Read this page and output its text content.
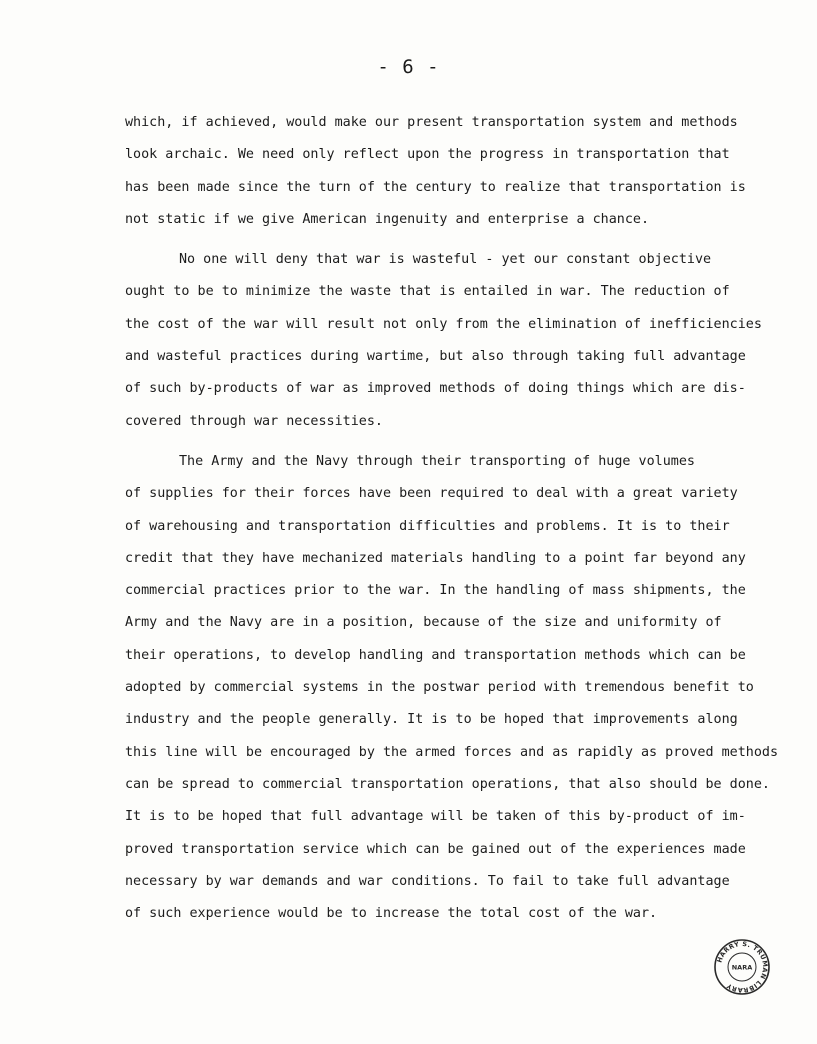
- 6 -
which, if achieved, would make our present transportation system and methods
look archaic. We need only reflect upon the progress in transportation that
has been made since the turn of the century to realize that transportation is
not static if we give American ingenuity and enterprise a chance.
No one will deny that war is wasteful - yet our constant objective
ought to be to minimize the waste that is entailed in war. The reduction of
the cost of the war will result not only from the elimination of inefficiencies
and wasteful practices during wartime, but also through taking full advantage
of such by-products of war as improved methods of doing things which are dis-
covered through war necessities.
The Army and the Navy through their transporting of huge volumes
of supplies for their forces have been required to deal with a great variety
of warehousing and transportation difficulties and problems. It is to their
credit that they have mechanized materials handling to a point far beyond any
commercial practices prior to the war. In the handling of mass shipments, the
Army and the Navy are in a position, because of the size and uniformity of
their operations, to develop handling and transportation methods which can be
adopted by commercial systems in the postwar period with tremendous benefit to
industry and the people generally. It is to be hoped that improvements along
this line will be encouraged by the armed forces and as rapidly as proved methods
can be spread to commercial transportation operations, that also should be done.
It is to be hoped that full advantage will be taken of this by-product of im-
proved transportation service which can be gained out of the experiences made
necessary by war demands and war conditions. To fail to take full advantage
of such experience would be to increase the total cost of the war.
HARRY S. TRUMAN LIBRARY
NARA
